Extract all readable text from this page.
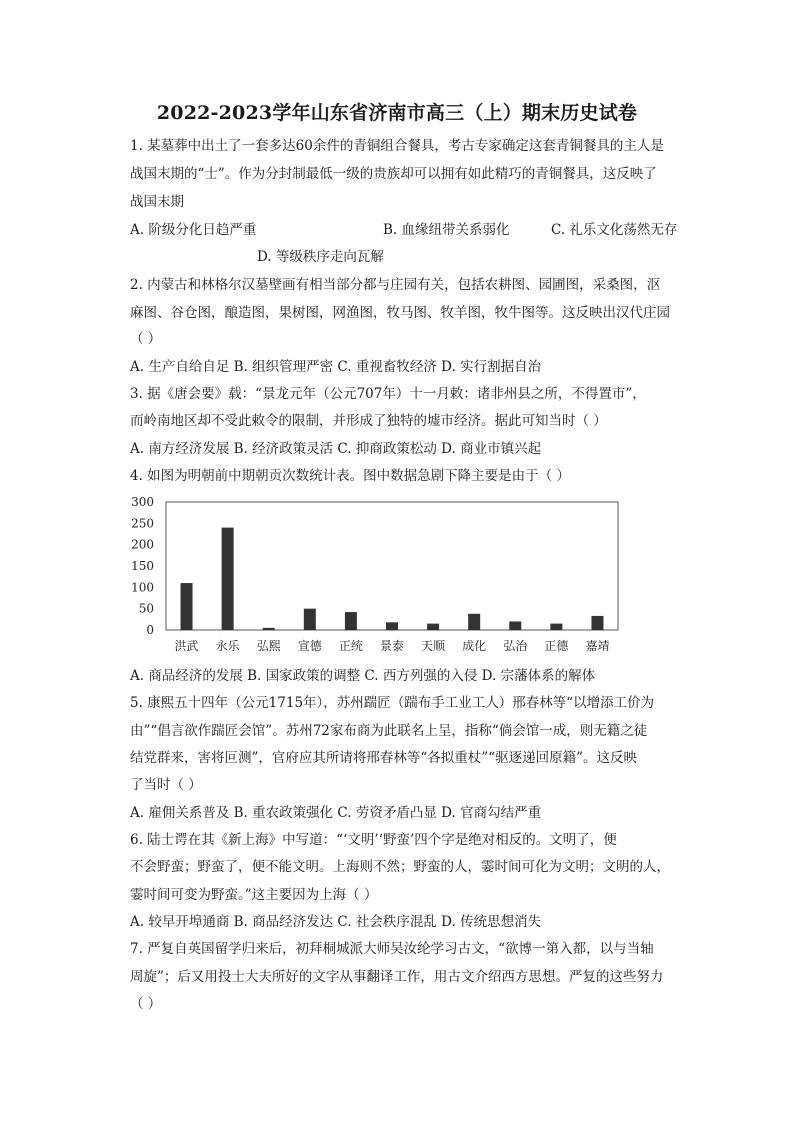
2022-2023学年山东省济南市高三（上）期末历史试卷
1. 某墓葬中出土了一套多达60余件的青铜组合餐具，考古专家确定这套青铜餐具的主人是
战国末期的“士”。作为分封制最低一级的贵族却可以拥有如此精巧的青铜餐具，这反映了
战国末期
A. 阶级分化日趋严重	B. 血缘纽带关系弱化	C. 礼乐文化荡然无存
D. 等级秩序走向瓦解
2. 内蒙古和林格尔汉墓壁画有相当部分都与庄园有关，包括农耕图、园圃图，采桑图，沤
麻图、谷仓图，酿造图，果树图，网渔图，牧马图、牧羊图，牧牛图等。这反映出汉代庄园
（ ）
A. 生产自给自足 B. 组织管理严密 C. 重视畜牧经济 D. 实行割据自治
3. 据《唐会要》载：“景龙元年（公元707年）十一月敕：诸非州县之所，不得置市”，
而岭南地区却不受此敕令的限制，并形成了独特的墟市经济。据此可知当时（ ）
A. 南方经济发展 B. 经济政策灵活 C. 抑商政策松动 D. 商业市镇兴起
4. 如图为明朝前中期朝贡次数统计表。图中数据急剧下降主要是由于（ ）
300
250
200
150
100
50
0
洪武 永乐 弘熙 宣德 正统 景泰 天顺 成化 弘治 正德 嘉靖
A. 商品经济的发展 B. 国家政策的调整 C. 西方列强的入侵 D. 宗藩体系的解体
5. 康熙五十四年（公元1715年），苏州踹匠（踹布手工业工人）邢春林等“以增添工价为
由”“倡言欲作踹匠会馆”。苏州72家布商为此联名上呈，指称“倘会馆一成，则无籍之徒
结党群来，害将叵测”，官府应其所请将邢春林等“各拟重杖”“驱逐递回原籍”。这反映
了当时（ ）
A. 雇佣关系普及 B. 重农政策强化 C. 劳资矛盾凸显 D. 官商勾结严重
6. 陆士谔在其《新上海》中写道：“‘文明’‘野蛮’四个字是绝对相反的。文明了，便
不会野蛮；野蛮了，便不能文明。上海则不然；野蛮的人，霎时间可化为文明；文明的人，
霎时间可变为野蛮。”这主要因为上海（ ）
A. 较早开埠通商 B. 商品经济发达 C. 社会秩序混乱 D. 传统思想消失
7. 严复自英国留学归来后，初拜桐城派大师吴汝纶学习古文，“欲博一第入都，以与当轴
周旋”；后又用投士大夫所好的文字从事翻译工作，用古文介绍西方思想。严复的这些努力
（ ）
